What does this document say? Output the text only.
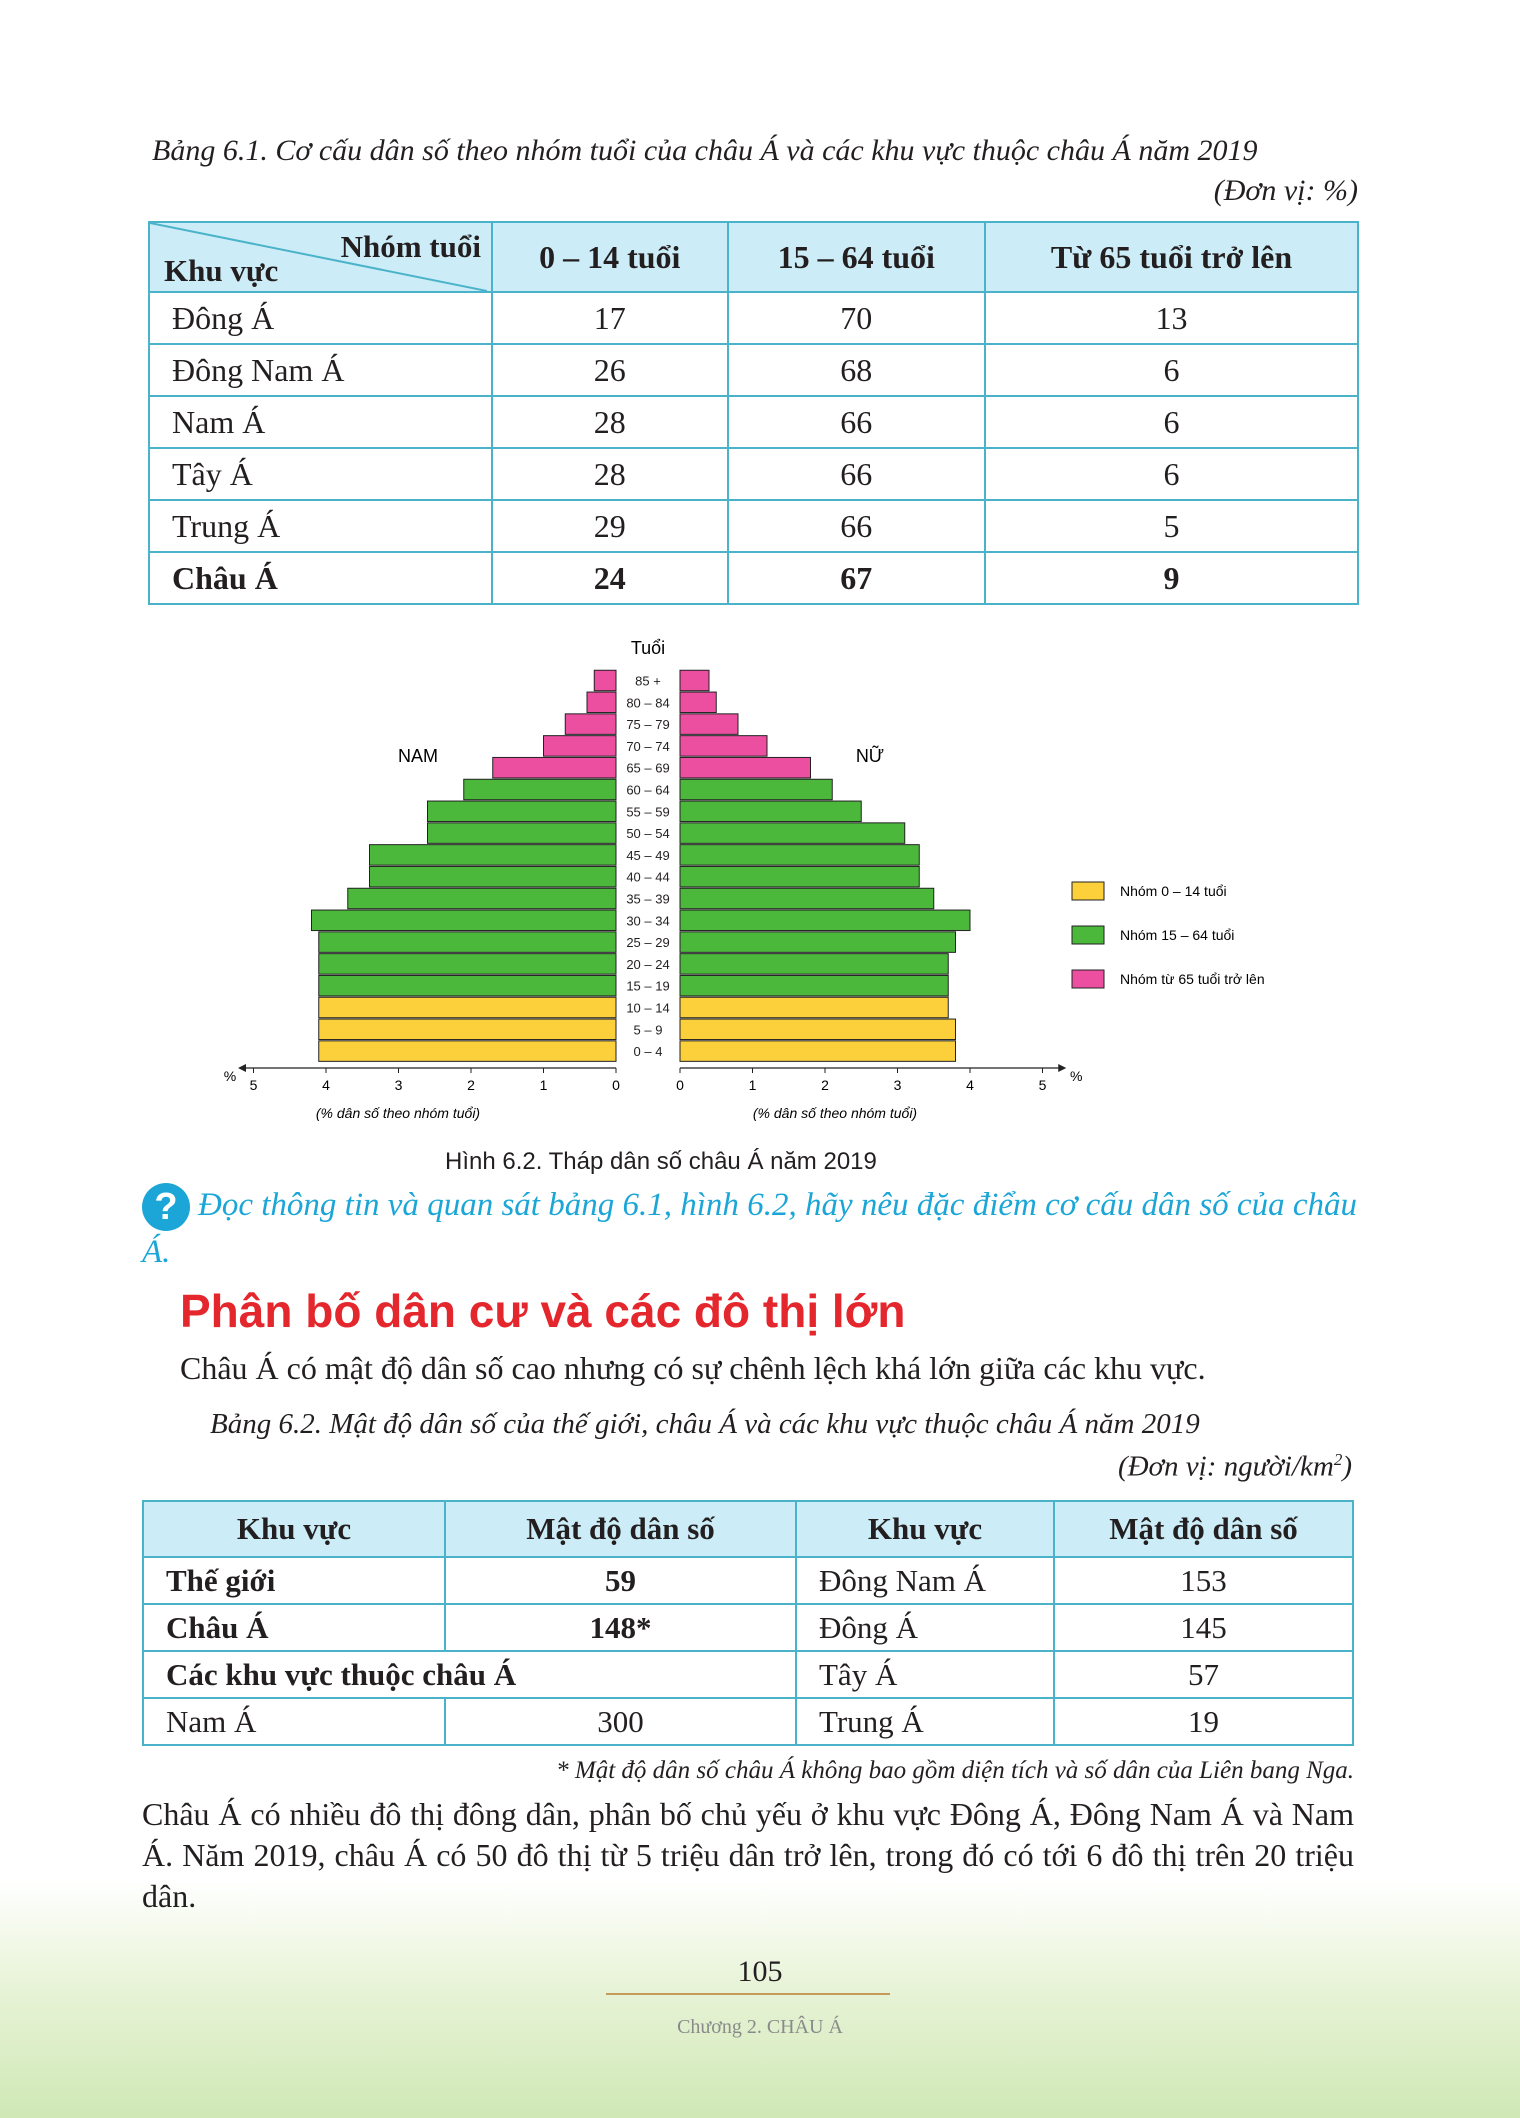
Bảng 6.1. Cơ cấu dân số theo nhóm tuổi của châu Á và các khu vực thuộc châu Á năm 2019
(Đơn vị: %)
Nhóm tuổi
Khu vực	0 – 14 tuổi	15 – 64 tuổi	Từ 65 tuổi trở lên
Đông Á	17	70	13
Đông Nam Á	26	68	6
Nam Á	28	66	6
Tây Á	28	66	6
Trung Á	29	66	5
Châu Á	24	67	9
0 – 4
5 – 9
10 – 14
15 – 19
20 – 24
25 – 29
30 – 34
35 – 39
40 – 44
45 – 49
50 – 54
55 – 59
60 – 64
65 – 69
70 – 74
75 – 79
80 – 84
85 +
Tuổi
NAM	NỮ
0	0
1	1
2	2
3	3
4	4
5	5
%	%
(% dân số theo nhóm tuổi)	(% dân số theo nhóm tuổi)
Nhóm 0 – 14 tuổi
Nhóm 15 – 64 tuổi
Nhóm từ 65 tuổi trở lên
Hình 6.2. Tháp dân số châu Á năm 2019
? Đọc thông tin và quan sát bảng 6.1, hình 6.2, hãy nêu đặc điểm cơ cấu dân số của châu Á.
Phân bố dân cư và các đô thị lớn
Châu Á có mật độ dân số cao nhưng có sự chênh lệch khá lớn giữa các khu vực.
Bảng 6.2. Mật độ dân số của thế giới, châu Á và các khu vực thuộc châu Á năm 2019
(Đơn vị: người/$km^2$)
Khu vực	Mật độ dân số	Khu vực	Mật độ dân số
Thế giới	59	Đông Nam Á	153
Châu Á	148*	Đông Á	145
Các khu vực thuộc châu Á		Tây Á	57
Nam Á	300	Trung Á	19
* Mật độ dân số châu Á không bao gồm diện tích và số dân của Liên bang Nga.
Châu Á có nhiều đô thị đông dân, phân bố chủ yếu ở khu vực Đông Á, Đông Nam Á và Nam Á. Năm 2019, châu Á có 50 đô thị từ 5 triệu dân trở lên, trong đó có tới 6 đô thị trên 20 triệu dân.
105
Chương 2. CHÂU Á
